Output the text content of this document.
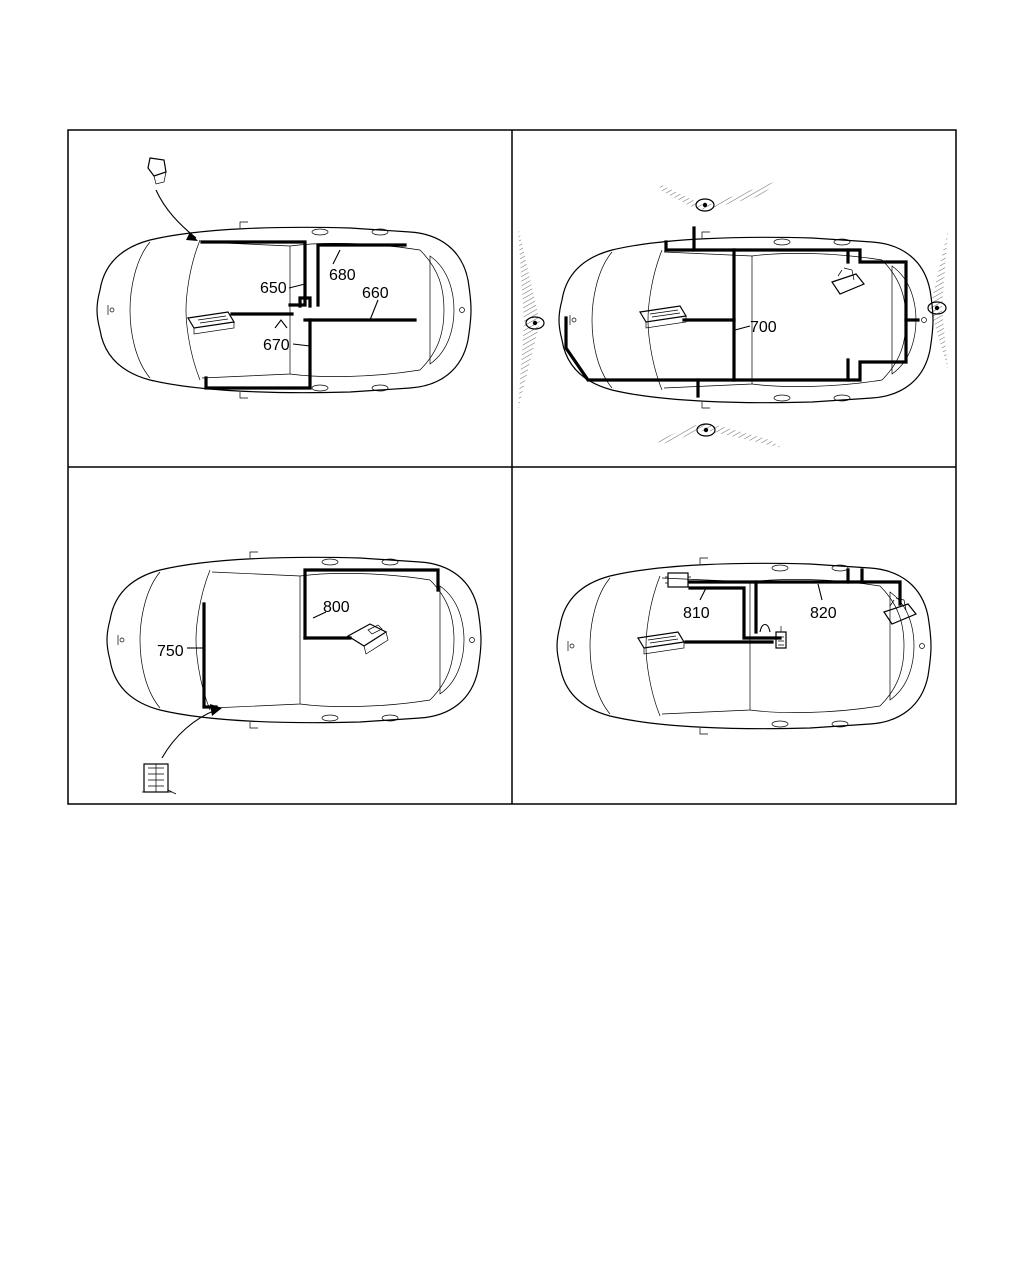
650
680
660
670
700
800
750
810	820
